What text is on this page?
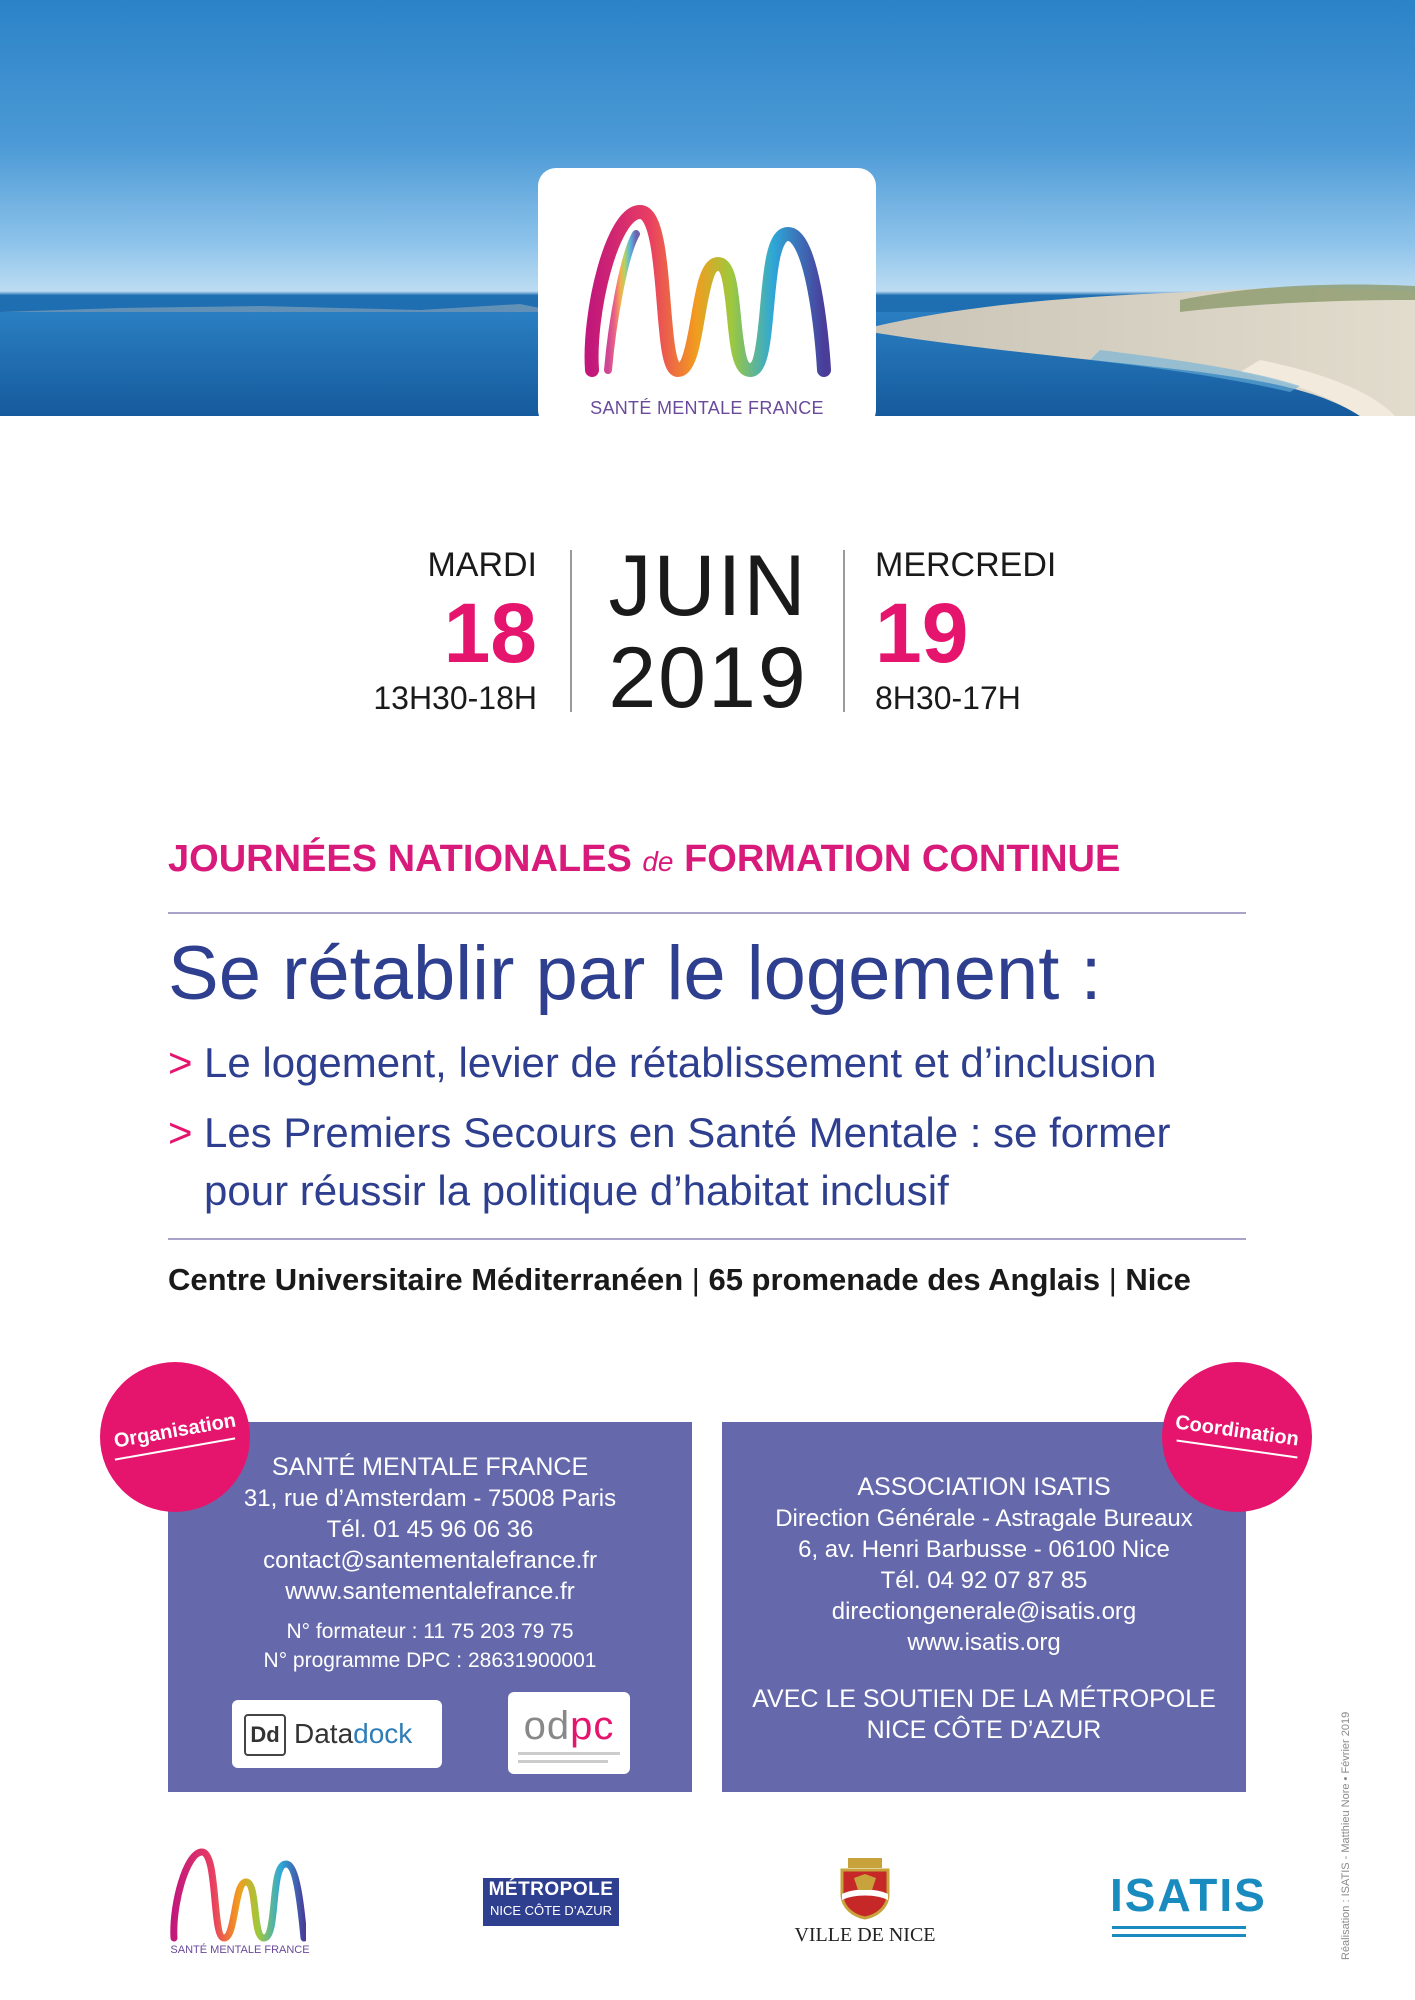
SANTÉ MENTALE FRANCE
MARDI
18
13H30-18H
JUIN
2019
MERCREDI
19
8H30-17H
JOURNÉES NATIONALES de FORMATION CONTINUE
Se rétablir par le logement :
> Le logement, levier de rétablissement et d’inclusion
> Les Premiers Secours en Santé Mentale : se former
pour réussir la politique d’habitat inclusif
Centre Universitaire Méditerranéen | 65 promenade des Anglais | Nice
SANTÉ MENTALE FRANCE
31, rue d’Amsterdam - 75008 Paris
Tél. 01 45 96 06 36
contact@santementalefrance.fr
www.santementalefrance.fr
N° formateur : 11 75 203 79 75
N° programme DPC : 28631900001
Dd Datadock	odpc
Organisation
ASSOCIATION ISATIS
Direction Générale - Astragale Bureaux
6, av. Henri Barbusse - 06100 Nice
Tél. 04 92 07 87 85
directiongenerale@isatis.org
www.isatis.org
AVEC LE SOUTIEN DE LA MÉTROPOLE
NICE CÔTE D’AZUR
Coordination
SANTÉ MENTALE FRANCE
MÉTROPOLE
NICE CÔTE D’AZUR
VILLE DE NICE
ISATIS	Réalisation : ISATIS - Matthieu Nore • Février 2019
